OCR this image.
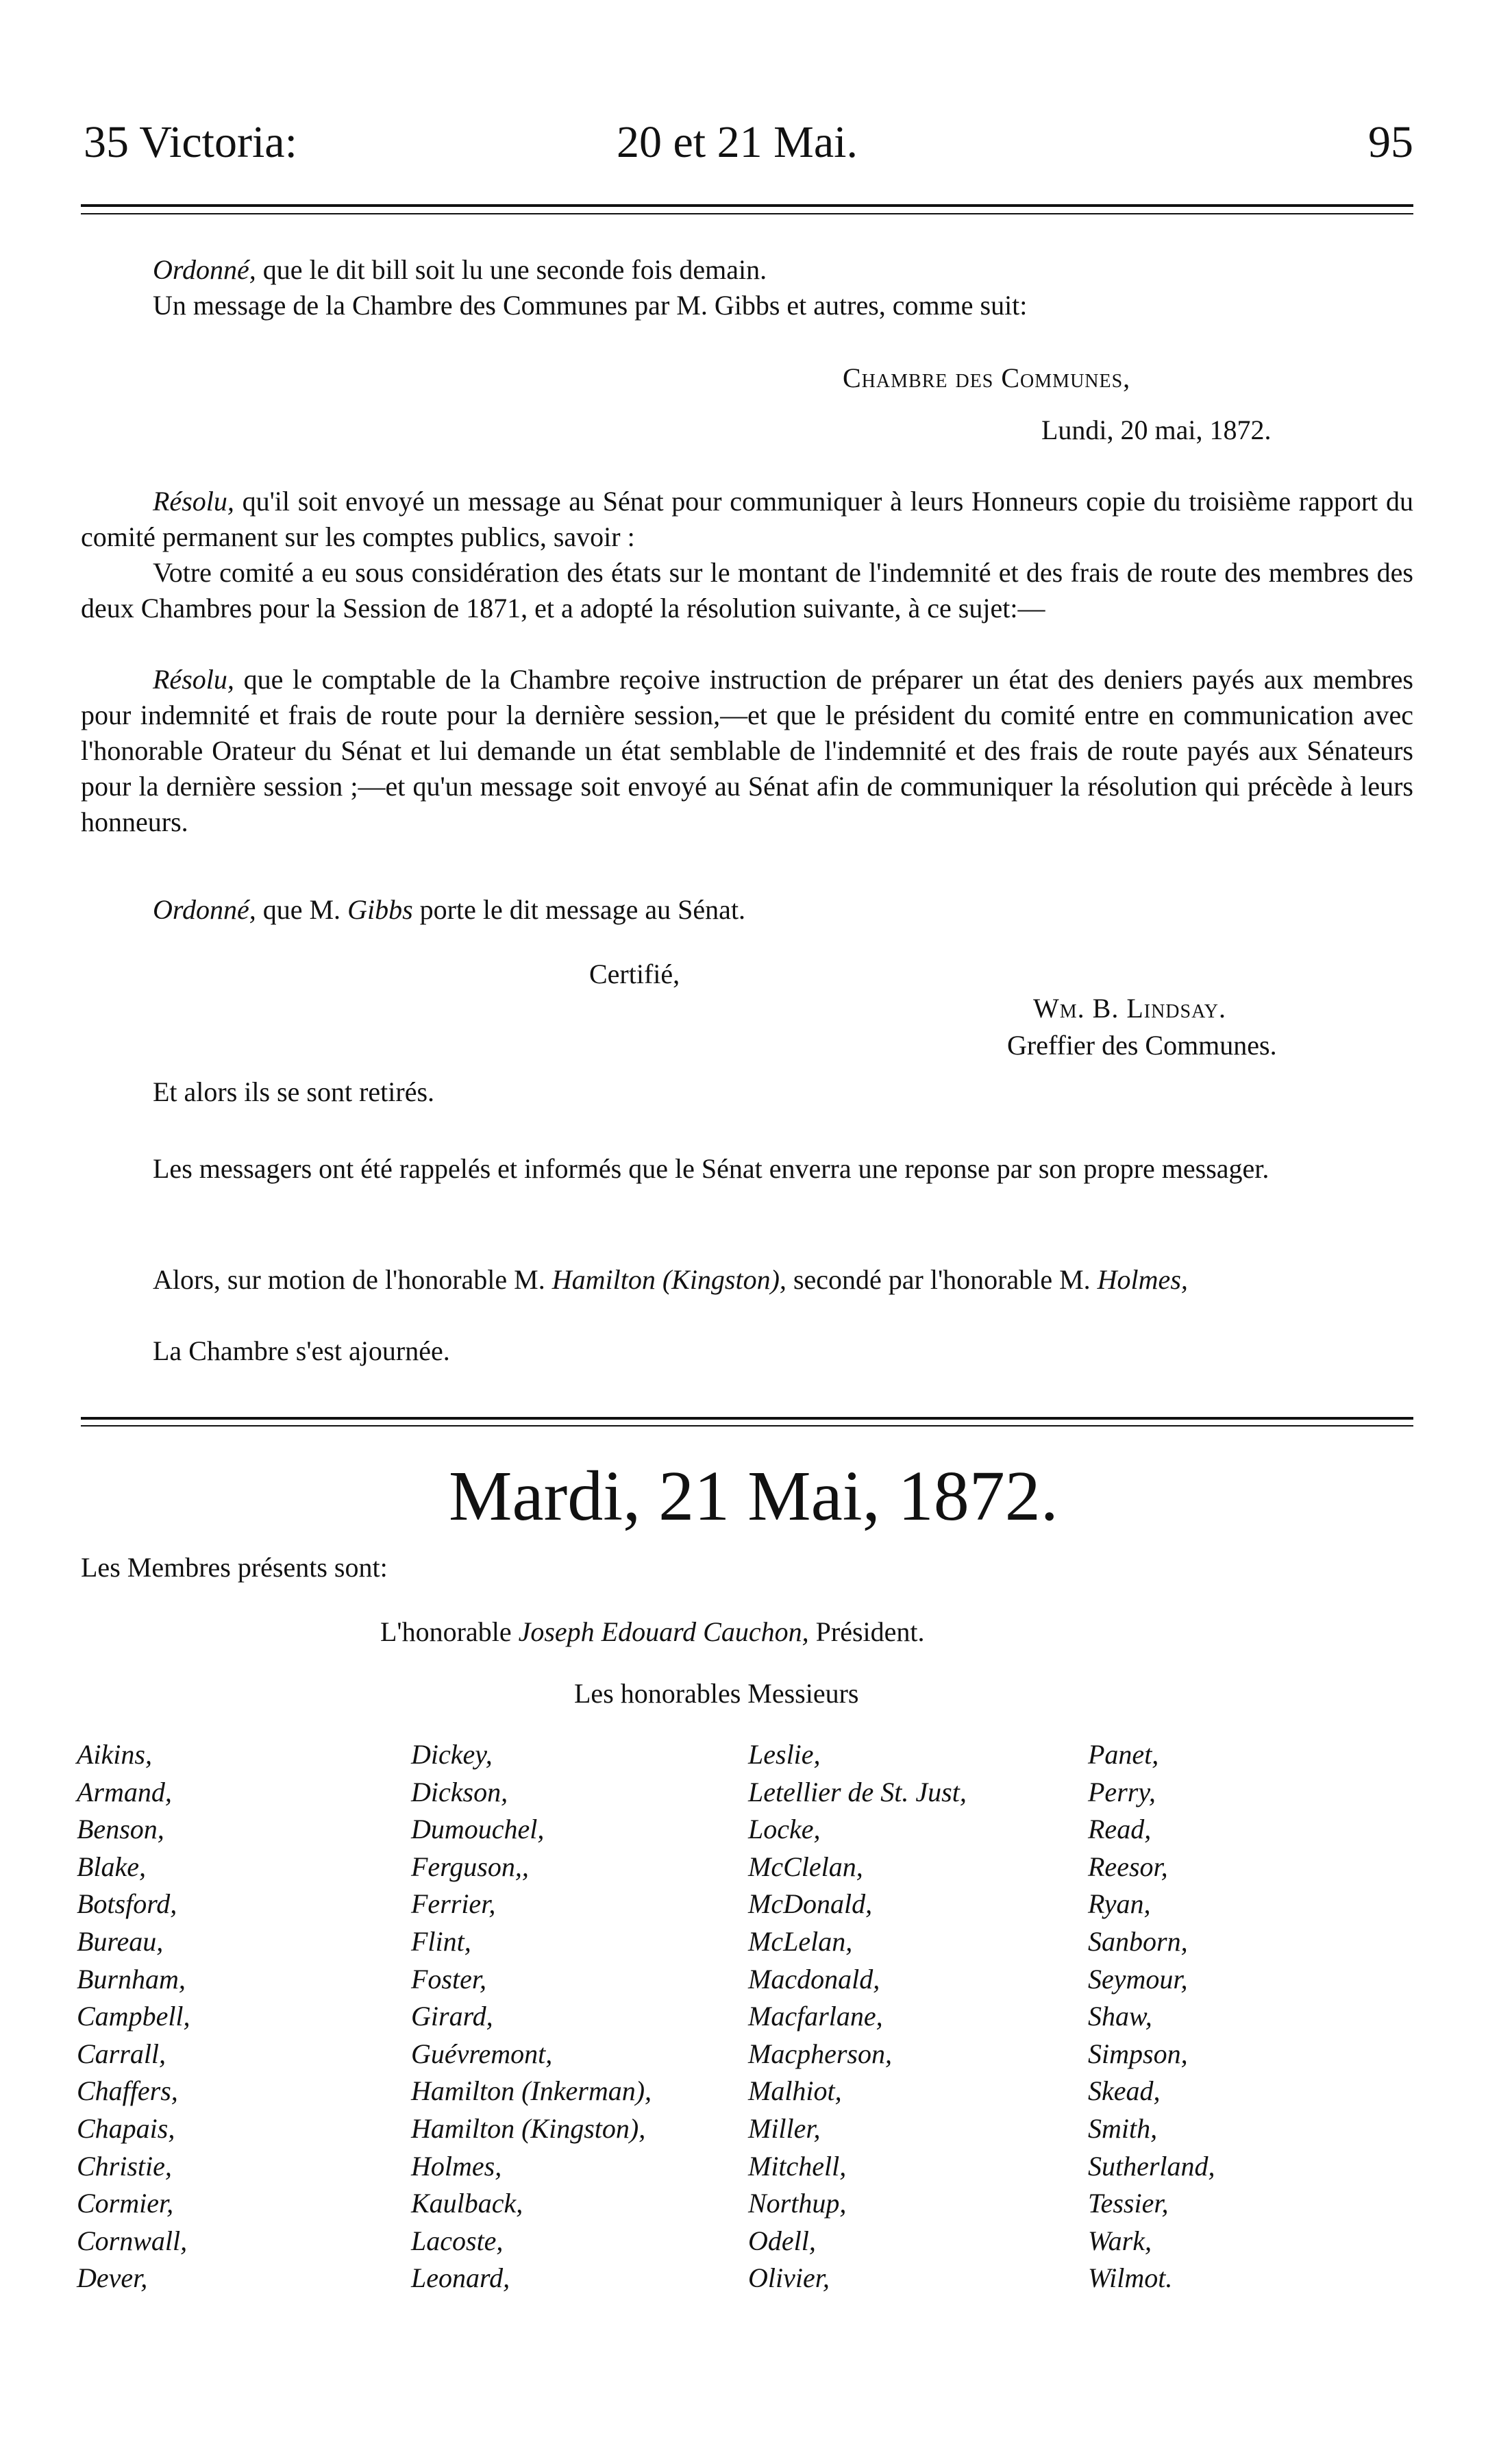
35 Victoria:	20 et 21 Mai.	95
Ordonné, que le dit bill soit lu une seconde fois demain.
Un message de la Chambre des Communes par M. Gibbs et autres, comme suit:
Chambre des Communes,
Lundi, 20 mai, 1872.
Résolu, qu'il soit envoyé un message au Sénat pour communiquer à leurs Honneurs copie du troisième rapport du comité permanent sur les comptes publics, savoir :
Votre comité a eu sous considération des états sur le montant de l'indemnité et des frais de route des membres des deux Chambres pour la Session de 1871, et a adopté la résolution suivante, à ce sujet:—
Résolu, que le comptable de la Chambre reçoive instruction de préparer un état des deniers payés aux membres pour indemnité et frais de route pour la dernière session,—et que le président du comité entre en communication avec l'honorable Orateur du Sénat et lui demande un état semblable de l'indemnité et des frais de route payés aux Sénateurs pour la dernière session ;—et qu'un message soit envoyé au Sénat afin de communiquer la résolution qui précède à leurs honneurs.
Ordonné, que M. Gibbs porte le dit message au Sénat.
Certifié,
Wm. B. Lindsay.
Greffier des Communes.
Et alors ils se sont retirés.
Les messagers ont été rappelés et informés que le Sénat enverra une reponse par son propre messager.
Alors, sur motion de l'honorable M. Hamilton (Kingston), secondé par l'honorable M. Holmes,
La Chambre s'est ajournée.
Mardi, 21 Mai, 1872.
Les Membres présents sont:
L'honorable Joseph Edouard Cauchon, Président.
Les honorables Messieurs
Aikins,
Armand,
Benson,
Blake,
Botsford,
Bureau,
Burnham,
Campbell,
Carrall,
Chaffers,
Chapais,
Christie,
Cormier,
Cornwall,
Dever,
Dickey,
Dickson,
Dumouchel,
Ferguson,,
Ferrier,
Flint,
Foster,
Girard,
Guévremont,
Hamilton (Inkerman),
Hamilton (Kingston),
Holmes,
Kaulback,
Lacoste,
Leonard,
Leslie,
Letellier de St. Just,
Locke,
McClelan,
McDonald,
McLelan,
Macdonald,
Macfarlane,
Macpherson,
Malhiot,
Miller,
Mitchell,
Northup,
Odell,
Olivier,
Panet,
Perry,
Read,
Reesor,
Ryan,
Sanborn,
Seymour,
Shaw,
Simpson,
Skead,
Smith,
Sutherland,
Tessier,
Wark,
Wilmot.
